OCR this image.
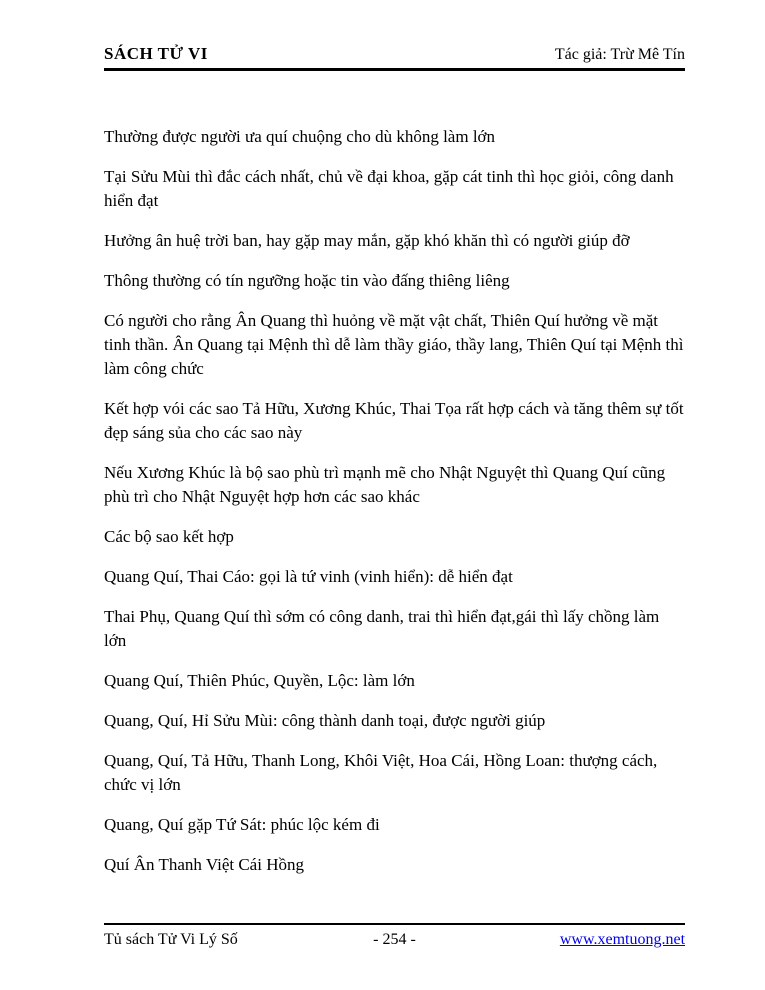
SÁCH TỬ VI	Tác giả: Trừ Mê Tín

Thường được người ưa quí chuộng cho dù không làm lớn

Tại Sửu Mùi thì đắc cách nhất, chủ về đại khoa, gặp cát tinh thì học giỏi, công danh hiển đạt

Hưởng ân huệ trời ban, hay gặp may mắn, gặp khó khăn thì có người giúp đỡ

Thông thường có tín ngưỡng hoặc tin vào đấng thiêng liêng

Có người cho rằng Ân Quang thì huỏng về mặt vật chất, Thiên Quí hưởng về mặt tinh thần. Ân Quang tại Mệnh thì dễ làm thầy giáo, thầy lang, Thiên Quí tại Mệnh thì làm công chức

Kết hợp vói các sao Tả Hữu, Xương Khúc, Thai Tọa rất hợp cách và tăng thêm sự tốt đẹp sáng sủa cho các sao này

Nếu Xương Khúc là bộ sao phù trì mạnh mẽ cho Nhật Nguyệt thì Quang Quí cũng phù trì cho Nhật Nguyệt hợp hơn các sao khác

Các bộ sao kết hợp

Quang Quí, Thai Cáo: gọi là tứ vinh (vinh hiển): dễ hiển đạt

Thai Phụ, Quang Quí thì sớm có công danh, trai thì hiển đạt,gái thì lấy chồng làm lớn

Quang Quí, Thiên Phúc, Quyền, Lộc: làm lớn

Quang, Quí, Hỉ Sửu Mùi: công thành danh toại, được người giúp

Quang, Quí, Tả Hữu, Thanh Long, Khôi Việt, Hoa Cái, Hồng Loan: thượng cách, chức vị lớn

Quang, Quí gặp Tứ Sát: phúc lộc kém đi

Quí Ân Thanh Việt Cái Hồng

Tủ sách Tử Vi Lý Số	- 254 -	www.xemtuong.net
